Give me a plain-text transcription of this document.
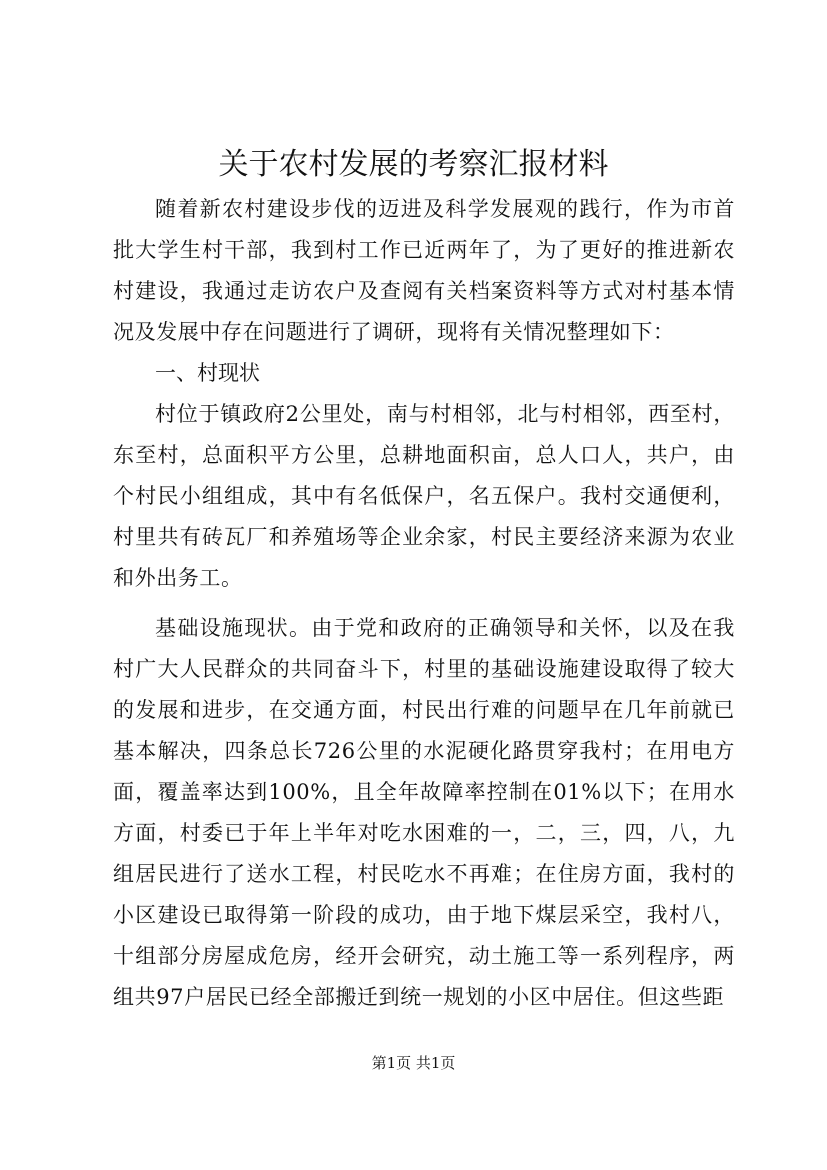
关于农村发展的考察汇报材料

随着新农村建设步伐的迈进及科学发展观的践行，作为市首批大学生村干部，我到村工作已近两年了，为了更好的推进新农村建设，我通过走访农户及查阅有关档案资料等方式对村基本情况及发展中存在问题进行了调研，现将有关情况整理如下：

一、村现状

村位于镇政府2公里处，南与村相邻，北与村相邻，西至村，东至村，总面积平方公里，总耕地面积亩，总人口人，共户，由个村民小组组成，其中有名低保户，名五保户。我村交通便利，村里共有砖瓦厂和养殖场等企业余家，村民主要经济来源为农业和外出务工。

基础设施现状。由于党和政府的正确领导和关怀，以及在我村广大人民群众的共同奋斗下，村里的基础设施建设取得了较大的发展和进步，在交通方面，村民出行难的问题早在几年前就已基本解决，四条总长726公里的水泥硬化路贯穿我村；在用电方面，覆盖率达到100%，且全年故障率控制在01%以下；在用水方面，村委已于年上半年对吃水困难的一，二，三，四，八，九组居民进行了送水工程，村民吃水不再难；在住房方面，我村的小区建设已取得第一阶段的成功，由于地下煤层采空，我村八，十组部分房屋成危房，经开会研究，动土施工等一系列程序，两组共97户居民已经全部搬迁到统一规划的小区中居住。但这些距

第1页 共1页
